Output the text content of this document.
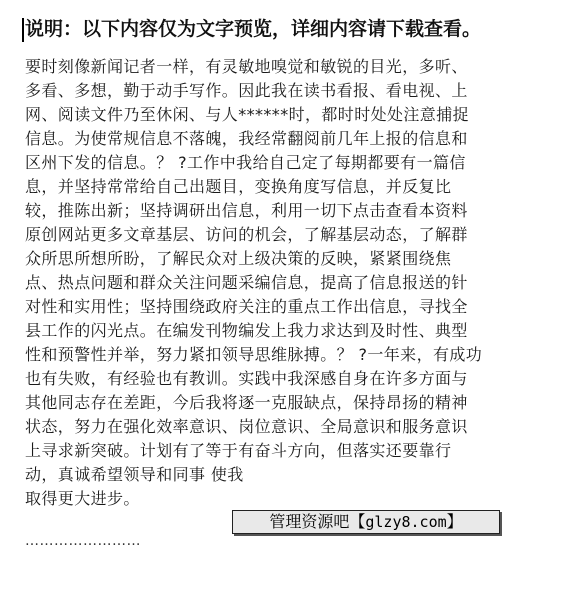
说明：以下内容仅为文字预览，详细内容请下载查看。
要时刻像新闻记者一样，有灵敏地嗅觉和敏锐的目光，多听、
多看、多想，勤于动手写作。因此我在读书看报、看电视、上
网、阅读文件乃至休闲、与人******时，都时时处处注意捕捉
信息。为使常规信息不落魄，我经常翻阅前几年上报的信息和
区州下发的信息。？ ?工作中我给自己定了每期都要有一篇信
息，并坚持常常给自己出题目，变换角度写信息，并反复比
较，推陈出新；坚持调研出信息，利用一切下点击查看本资料
原创网站更多文章基层、访问的机会，了解基层动态，了解群
众所思所想所盼，了解民众对上级决策的反映，紧紧围绕焦
点、热点问题和群众关注问题采编信息，提高了信息报送的针
对性和实用性；坚持围绕政府关注的重点工作出信息，寻找全
县工作的闪光点。在编发刊物编发上我力求达到及时性、典型
性和预警性并举，努力紧扣领导思维脉搏。？ ?一年来，有成功
也有失败，有经验也有教训。实践中我深感自身在许多方面与
其他同志存在差距，今后我将逐一克服缺点，保持昂扬的精神
状态，努力在强化效率意识、岗位意识、全局意识和服务意识
上寻求新突破。计划有了等于有奋斗方向，但落实还要靠行
动，真诚希望领导和同事 使我
取得更大进步。
管理资源吧【glzy8.com】
……………………
